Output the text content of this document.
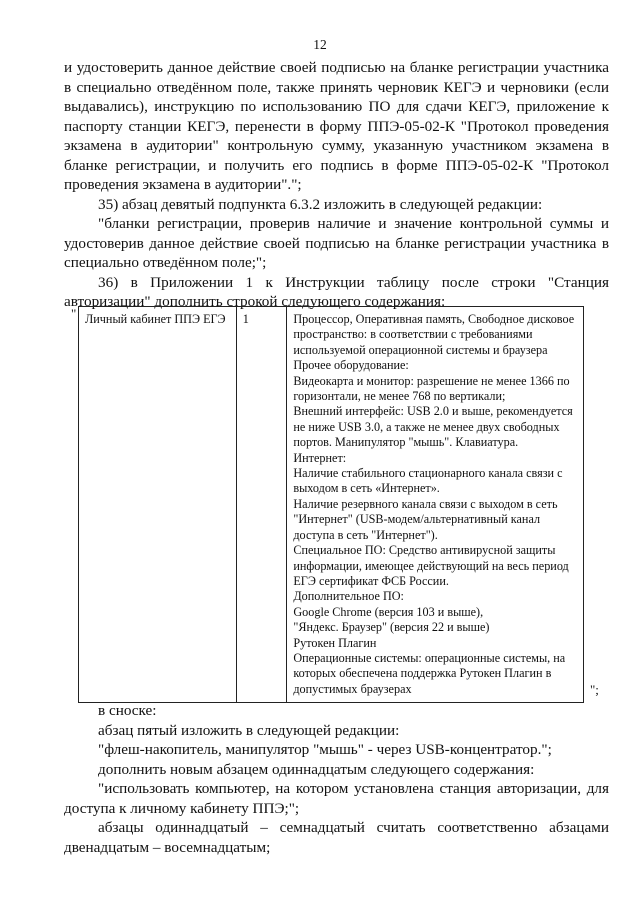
12

и удостоверить данное действие своей подписью на бланке регистрации участника в специально отведённом поле, также принять черновик КЕГЭ и черновики (если выдавались), инструкцию по использованию ПО для сдачи КЕГЭ, приложение к паспорту станции КЕГЭ, перенести в форму ППЭ-05-02-К "Протокол проведения экзамена в аудитории" контрольную сумму, указанную участником экзамена в бланке регистрации, и получить его подпись в форме ППЭ-05-02-К "Протокол проведения экзамена в аудитории".";

35) абзац девятый подпункта 6.3.2 изложить в следующей редакции:

"бланки регистрации, проверив наличие и значение контрольной суммы и удостоверив данное действие своей подписью на бланке регистрации участника в специально отведённом поле;";

36) в Приложении 1 к Инструкции таблицу после строки "Станция авторизации" дополнить строкой следующего содержания:

" Личный кабинет ППЭ ЕГЭ	1	Процессор, Оперативная память, Свободное дисковое пространство: в соответствии с требованиями используемой операционной системы и браузера Прочее оборудование:
Видеокарта и монитор: разрешение не менее 1366 по горизонтали, не менее 768 по вертикали;
Внешний интерфейс: USB 2.0 и выше, рекомендуется не ниже USB 3.0, а также не менее двух свободных портов. Манипулятор "мышь". Клавиатура.
Интернет:
Наличие стабильного стационарного канала связи с выходом в сеть «Интернет».
Наличие резервного канала связи с выходом в сеть "Интернет" (USB-модем/альтернативный канал доступа в сеть "Интернет").
Специальное ПО: Средство антивирусной защиты информации, имеющее действующий на весь период ЕГЭ сертификат ФСБ России.
Дополнительное ПО:
Google Chrome (версия 103 и выше),
"Яндекс. Браузер" (версия 22 и выше)
Рутокен Плагин
Операционные системы: операционные системы, на которых обеспечена поддержка Рутокен Плагин в допустимых браузерах	";

в сноске:

абзац пятый изложить в следующей редакции:

"флеш-накопитель, манипулятор "мышь" - через USB-концентратор.";

дополнить новым абзацем одиннадцатым следующего содержания:

"использовать компьютер, на котором установлена станция авторизации, для доступа к личному кабинету ППЭ;";

абзацы одиннадцатый – семнадцатый считать соответственно абзацами двенадцатым – восемнадцатым;
